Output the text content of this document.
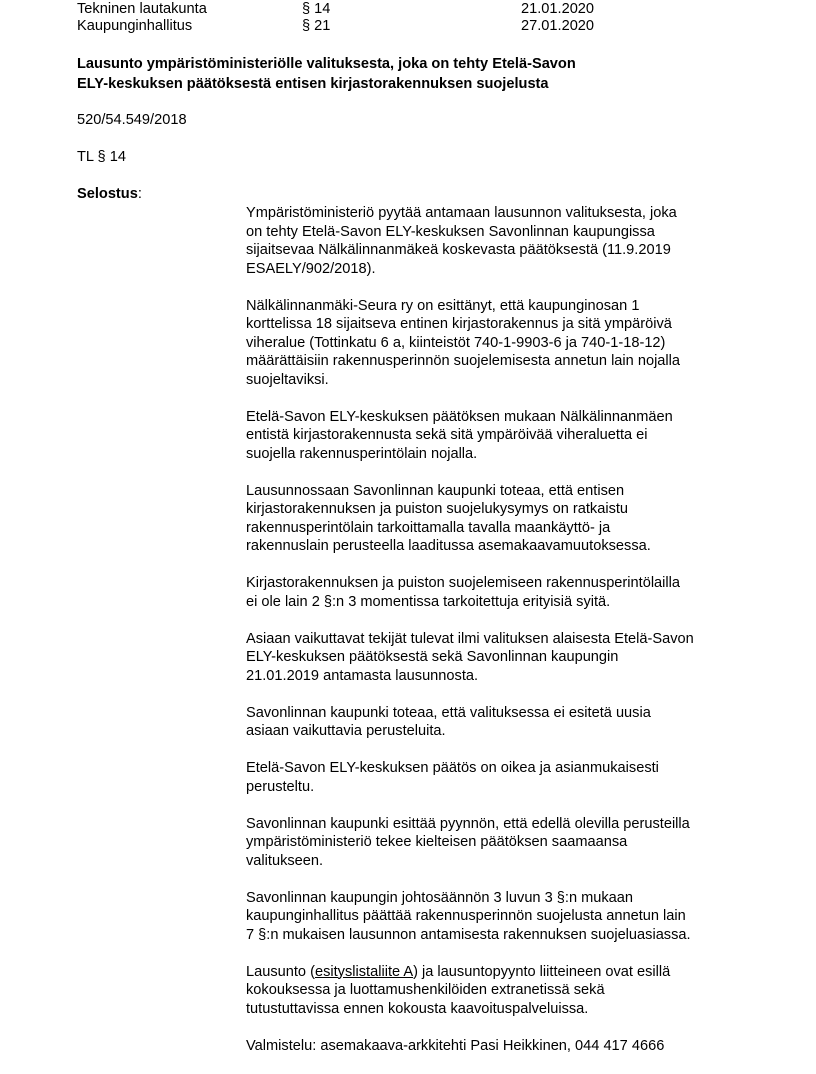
Tekninen lautakunta	§ 14	21.01.2020
Kaupunginhallitus	§ 21	27.01.2020
Lausunto ympäristöministeriölle valituksesta, joka on tehty Etelä-Savon
ELY-keskuksen päätöksestä entisen kirjastorakennuksen suojelusta
520/54.549/2018
TL § 14
Selostus:

Ympäristöministeriö pyytää antamaan lausunnon valituksesta, joka
on tehty Etelä-Savon ELY-keskuksen Savonlinnan kaupungissa
sijaitsevaa Nälkälinnanmäkeä koskevasta päätöksestä (11.9.2019
ESAELY/902/2018).

Nälkälinnanmäki-Seura ry on esittänyt, että kaupunginosan 1
korttelissa 18 sijaitseva entinen kirjastorakennus ja sitä ympäröivä
viheralue (Tottinkatu 6 a, kiinteistöt 740-1-9903-6 ja 740-1-18-12)
määrättäisiin rakennusperinnön suojelemisesta annetun lain nojalla
suojeltaviksi.

Etelä-Savon ELY-keskuksen päätöksen mukaan Nälkälinnanmäen
entistä kirjastorakennusta sekä sitä ympäröivää viheraluetta ei
suojella rakennusperintölain nojalla.

Lausunnossaan Savonlinnan kaupunki toteaa, että entisen
kirjastorakennuksen ja puiston suojelukysymys on ratkaistu
rakennusperintölain tarkoittamalla tavalla maankäyttö- ja
rakennuslain perusteella laaditussa asemakaavamuutoksessa.

Kirjastorakennuksen ja puiston suojelemiseen rakennusperintölailla
ei ole lain 2 §:n 3 momentissa tarkoitettuja erityisiä syitä.

Asiaan vaikuttavat tekijät tulevat ilmi valituksen alaisesta Etelä-Savon
ELY-keskuksen päätöksestä sekä Savonlinnan kaupungin
21.01.2019 antamasta lausunnosta.

Savonlinnan kaupunki toteaa, että valituksessa ei esitetä uusia
asiaan vaikuttavia perusteluita.

Etelä-Savon ELY-keskuksen päätös on oikea ja asianmukaisesti
perusteltu.

Savonlinnan kaupunki esittää pyynnön, että edellä olevilla perusteilla
ympäristöministeriö tekee kielteisen päätöksen saamaansa
valitukseen.

Savonlinnan kaupungin johtosäännön 3 luvun 3 §:n mukaan
kaupunginhallitus päättää rakennusperinnön suojelusta annetun lain
7 §:n mukaisen lausunnon antamisesta rakennuksen suojeluasiassa.

Lausunto (esityslistaliite A) ja lausuntopyynto liitteineen ovat esillä
kokouksessa ja luottamushenkilöiden extranetissä sekä
tutustuttavissa ennen kokousta kaavoituspalveluissa.

Valmistelu: asemakaava-arkkitehti Pasi Heikkinen, 044 417 4666
